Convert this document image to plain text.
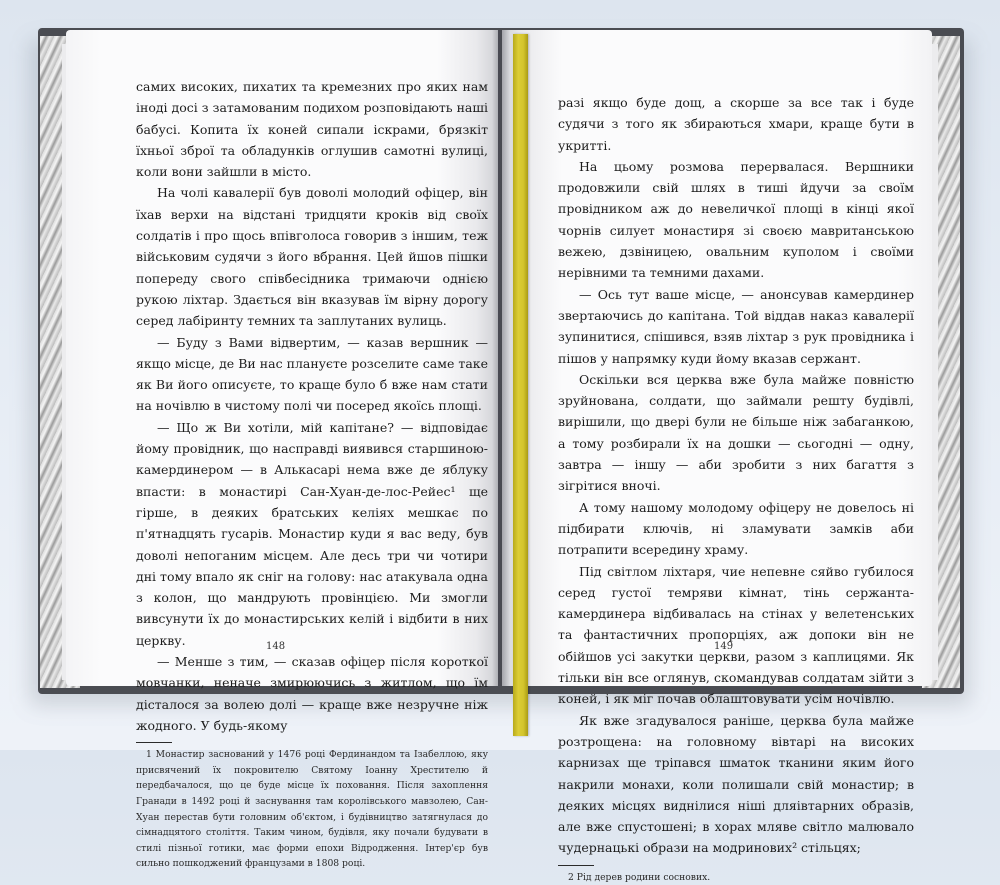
самих високих, пихатих та кремезних про яких нам іноді досі з затамованим подихом розповідають наші бабусі. Копита їх коней сипали іскрами, брязкіт їхньої зброї та обладунків оглушив самотні вулиці, коли вони зайшли в місто.

На чолі кавалерії був доволі молодий офіцер, він їхав верхи на відстані тридцяти кроків від своїх солдатів і про щось впівголоса говорив з іншим, теж військовим судячи з його вбрання. Цей йшов пішки попереду свого співбесідника тримаючи однією рукою ліхтар. Здається він вказував їм вірну дорогу серед лабіринту темних та заплутаних вулиць.

— Буду з Вами відвертим, — казав вершник — якщо місце, де Ви нас плануєте розселите саме таке як Ви його описуєте, то краще було б вже нам стати на ночівлю в чистому полі чи посеред якоїсь площі.

— Що ж Ви хотіли, мій капітане? — відповідає йому провідник, що насправді виявився старшиною-камердинером — в Алькасарі нема вже де яблуку впасти: в монастирі Сан-Хуан-де-лос-Рейес¹ ще гірше, в деяких братських келіях мешкає по п'ятнадцять гусарів. Монастир куди я вас веду, був доволі непоганим місцем. Але десь три чи чотири дні тому впало як сніг на голову: нас атакувала одна з колон, що мандрують провінцією. Ми змогли вивсунути їх до монастирських келій і відбити в них церкву.

— Менше з тим, — сказав офіцер після короткої мовчанки, неначе змирюючись з житлом, що їм дісталося за волею долі — краще вже незручне ніж жодного. У будь-якому

1 Монастир заснований у 1476 році Фердинандом та Ізабеллою, яку присвячений їх покровителю Святому Іоанну Хрестителю й передбачалося, що це буде місце їх поховання. Після захоплення Гранади в 1492 році й заснування там королівського мавзолею, Сан-Хуан перестав бути головним об'єктом, і будівництво затягнулася до сімнадцятого століття. Таким чином, будівля, яку почали будувати в стилі пізньої готики, має форми епохи Відродження. Інтер'єр був сильно пошкоджений французами в 1808 році.

148

разі якщо буде дощ, а скорше за все так і буде судячи з того як збираються хмари, краще бути в укритті.

На цьому розмова перервалася. Вершники продовжили свій шлях в тиші йдучи за своїм провідником аж до невеличкої площі в кінці якої чорнів силует монастиря зі своєю мавританською вежею, дзвіницею, овальним куполом і своїми нерівними та темними дахами.

— Ось тут ваше місце, — анонсував камердинер звертаючись до капітана. Той віддав наказ кавалерії зупинитися, спішився, взяв ліхтар з рук провідника і пішов у напрямку куди йому вказав сержант.

Оскільки вся церква вже була майже повністю зруйнована, солдати, що займали решту будівлі, вирішили, що двері були не більше ніж забаганкою, а тому розбирали їх на дошки — сьогодні — одну, завтра — іншу — аби зробити з них багаття з зігрітися вночі.

А тому нашому молодому офіцеру не довелось ні підбирати ключів, ні зламувати замків аби потрапити всередину храму.

Під світлом ліхтаря, чие непевне сяйво губилося серед густої темряви кімнат, тінь сержанта-камердинера відбивалась на стінах у велетенських та фантастичних пропорціях, аж допоки він не обійшов усі закутки церкви, разом з каплицями. Як тільки він все оглянув, скомандував солдатам зійти з коней, і як міг почав облаштовувати усім ночівлю.

Як вже згадувалося раніше, церква була майже розтрощена: на головному вівтарі на високих карнизах ще тріпався шматок тканини яким його накрили монахи, коли полишали свій монастир; в деяких місцях виднілися ніші дляівтарних образів, але вже спустошені; в хорах мляве світло малювало чудернацькі образи на модринових² стільцях;

2 Рід дерев родини соснових.

149
